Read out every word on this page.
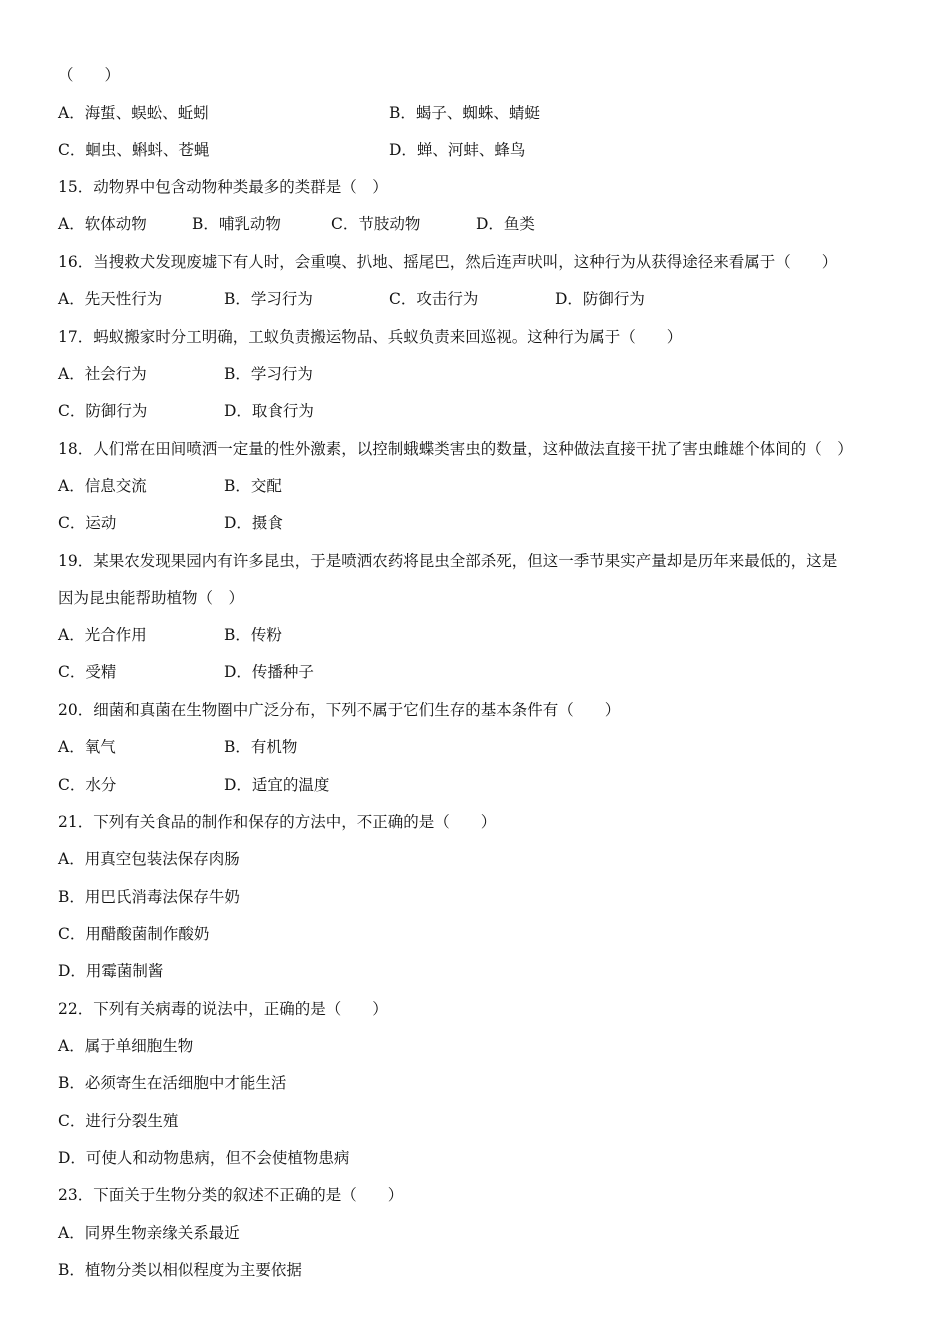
（　　）
A．海蜇、蜈蚣、蚯蚓	B．蝎子、蜘蛛、蜻蜓
C．蛔虫、蝌蚪、苍蝇	D．蝉、河蚌、蜂鸟
15．动物界中包含动物种类最多的类群是（　）
A．软体动物	B．哺乳动物	C．节肢动物	D．鱼类
16．当搜救犬发现废墟下有人时，会重嗅、扒地、摇尾巴，然后连声吠叫，这种行为从获得途径来看属于（　　）
A．先天性行为	B．学习行为	C．攻击行为	D．防御行为
17．蚂蚁搬家时分工明确，工蚁负责搬运物品、兵蚁负责来回巡视。这种行为属于（　　）
A．社会行为	B．学习行为
C．防御行为	D．取食行为
18．人们常在田间喷洒一定量的性外激素，以控制蛾蝶类害虫的数量，这种做法直接干扰了害虫雌雄个体间的（　）
A．信息交流	B．交配
C．运动	D．摄食
19．某果农发现果园内有许多昆虫，于是喷洒农药将昆虫全部杀死，但这一季节果实产量却是历年来最低的，这是
因为昆虫能帮助植物（　）
A．光合作用	B．传粉
C．受精	D．传播种子
20．细菌和真菌在生物圈中广泛分布，下列不属于它们生存的基本条件有（　　）
A．氧气	B．有机物
C．水分	D．适宜的温度
21．下列有关食品的制作和保存的方法中，不正确的是（　　）
A．用真空包装法保存肉肠
B．用巴氏消毒法保存牛奶
C．用醋酸菌制作酸奶
D．用霉菌制酱
22．下列有关病毒的说法中，正确的是（　　）
A．属于单细胞生物
B．必须寄生在活细胞中才能生活
C．进行分裂生殖
D．可使人和动物患病，但不会使植物患病
23．下面关于生物分类的叙述不正确的是（　　）
A．同界生物亲缘关系最近
B．植物分类以相似程度为主要依据
